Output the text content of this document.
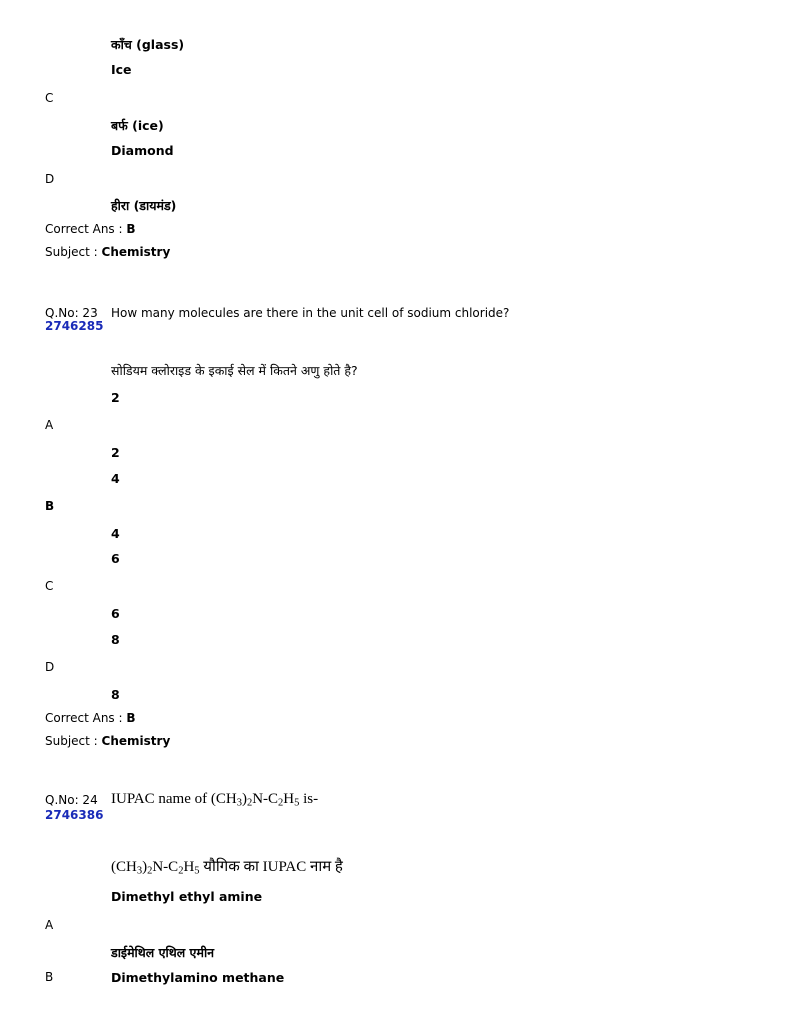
काँच (glass)
Ice
C
बर्फ (ice)
Diamond
D
हीरा (डायमंड)
Correct Ans : B
Subject : Chemistry
Q.No: 23
2746285
How many molecules are there in the unit cell of sodium chloride?
सोडियम क्लोराइड के इकाई सेल में कितने अणु होते है?
2
A
2
4
B
4
6
C
6
8
D
8
Correct Ans : B
Subject : Chemistry
Q.No: 24
2746386
IUPAC name of $(CH_3)_2N-C_2H_5$ is-
$(CH_3)_2N-C_2H_5$ यौगिक का IUPAC नाम है
Dimethyl ethyl amine
A
डाईमेथिल एथिल एमीन
B	Dimethylamino methane
